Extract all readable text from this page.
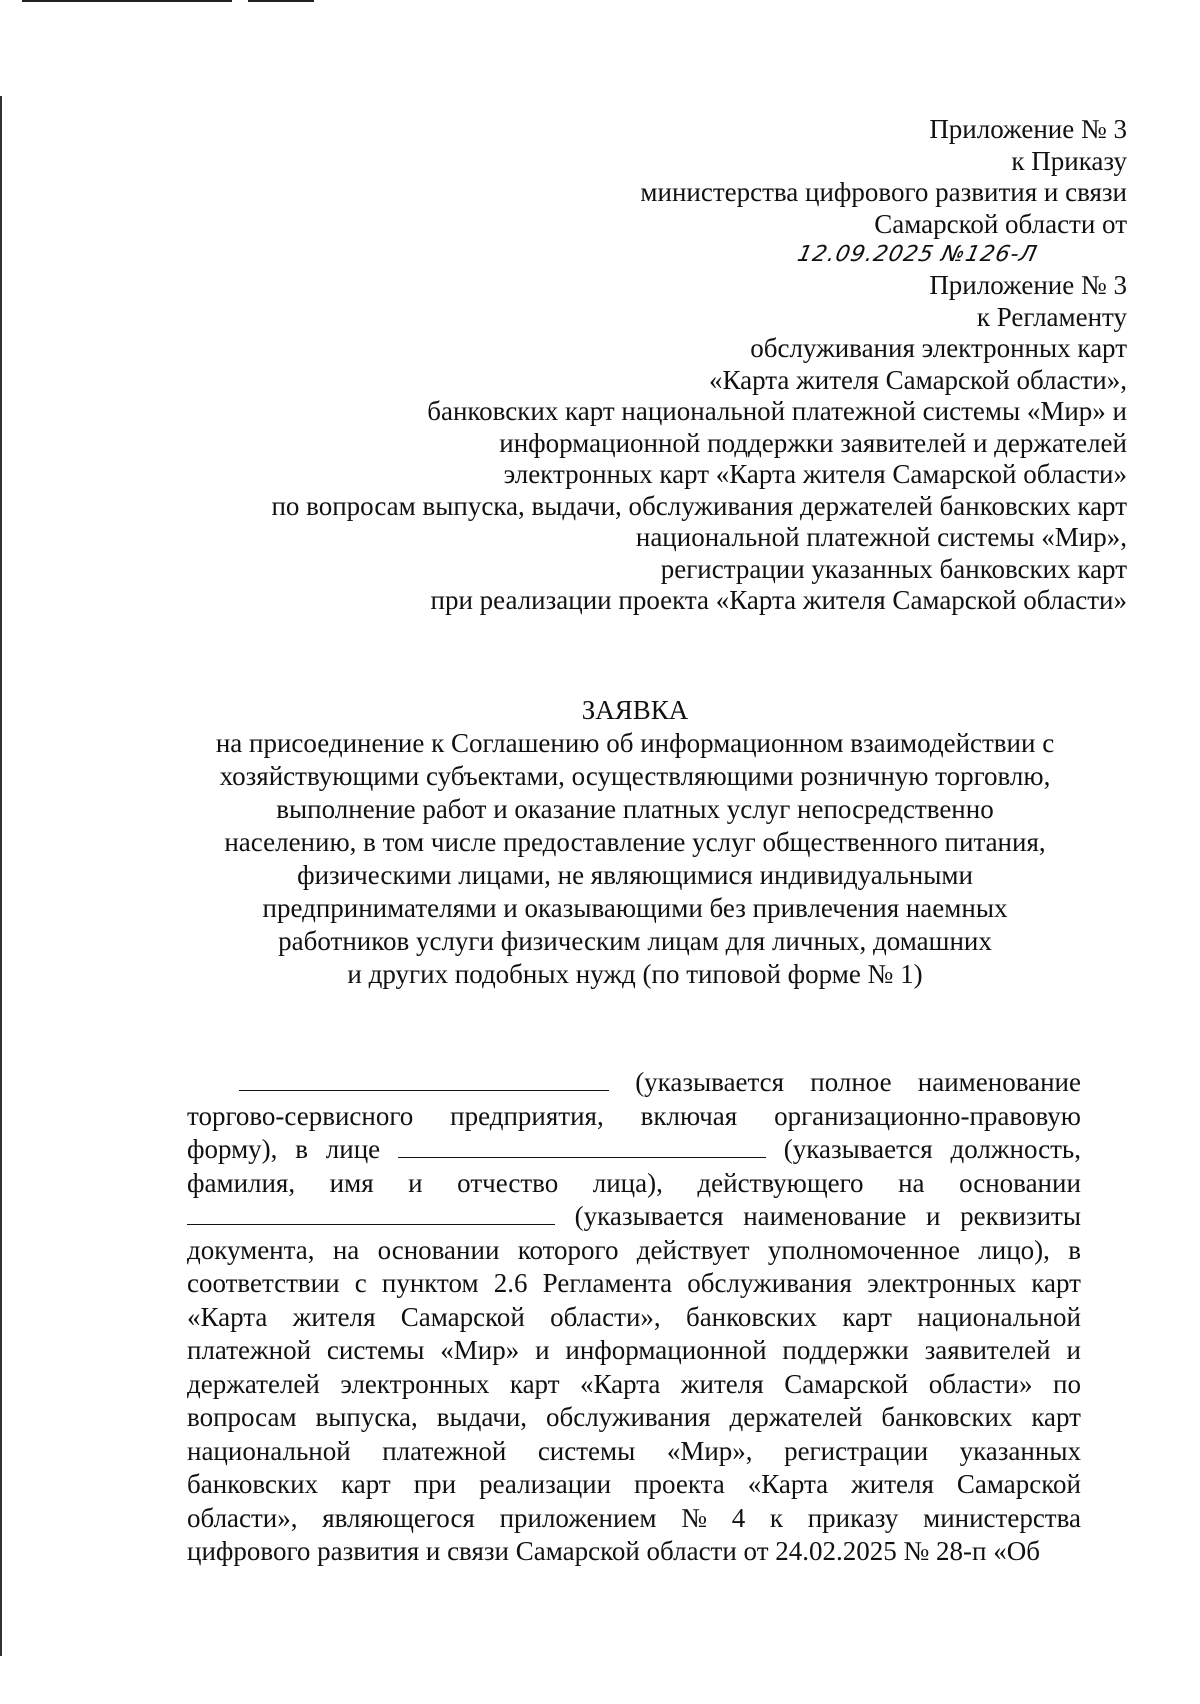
Приложение № 3
к Приказу
министерства цифрового развития и связи
Самарской области от
12.09.2025 №126-Л
Приложение № 3
к Регламенту
обслуживания электронных карт
«Карта жителя Самарской области»,
банковских карт национальной платежной системы «Мир» и
информационной поддержки заявителей и держателей
электронных карт «Карта жителя Самарской области»
по вопросам выпуска, выдачи, обслуживания держателей банковских карт
национальной платежной системы «Мир»,
регистрации указанных банковских карт
при реализации проекта «Карта жителя Самарской области»
ЗАЯВКА
на присоединение к Соглашению об информационном взаимодействии с
хозяйствующими субъектами, осуществляющими розничную торговлю,
выполнение работ и оказание платных услуг непосредственно
населению, в том числе предоставление услуг общественного питания,
физическими лицами, не являющимися индивидуальными
предпринимателями и оказывающими без привлечения наемных
работников услуги физическим лицам для личных, домашних
и других подобных нужд (по типовой форме № 1)
(указывается полное наименование
торгово-сервисного предприятия, включая организационно-правовую
форму), в лице	(указывается должность,
фамилия, имя и отчество лица), действующего на основании
(указывается наименование и реквизиты
документа, на основании которого действует уполномоченное лицо), в
соответствии с пунктом 2.6 Регламента обслуживания электронных карт
«Карта жителя Самарской области», банковских карт национальной
платежной системы «Мир» и информационной поддержки заявителей и
держателей электронных карт «Карта жителя Самарской области» по
вопросам выпуска, выдачи, обслуживания держателей банковских карт
национальной платежной системы «Мир», регистрации указанных
банковских карт при реализации проекта «Карта жителя Самарской
области», являющегося приложением № 4 к приказу министерства
цифрового развития и связи Самарской области от 24.02.2025 № 28-п «Об
